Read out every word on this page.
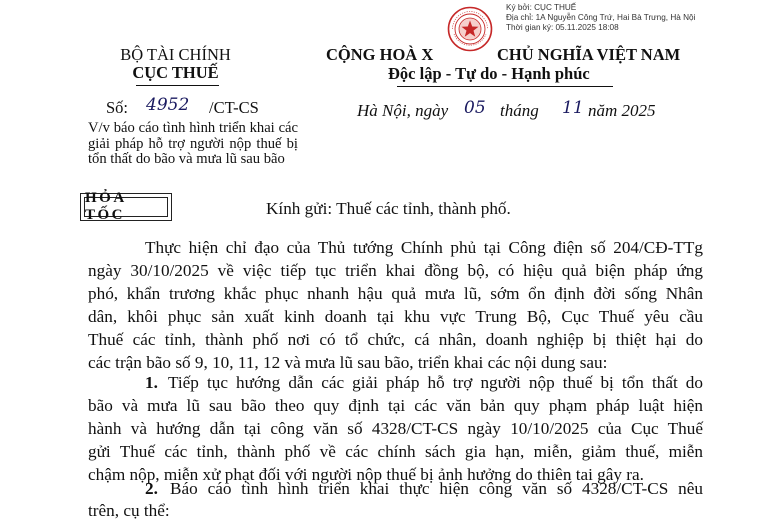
Ký bởi: CỤC THUẾ
Địa chỉ: 1A Nguyễn Công Trứ, Hai Bà Trưng, Hà Nội
Thời gian ký: 05.11.2025 18:08
BỘ TÀI CHÍNH
CỤC THUẾ
CỘNG HOÀ X	CHỦ NGHĨA VIỆT NAM
Độc lập - Tự do - Hạnh phúc
Số: 4952 /CT-CS
V/v báo cáo tình hình triển khai các giải pháp hỗ trợ người nộp thuế bị tổn thất do bão và mưa lũ sau bão
Hà Nội, ngày 05 tháng 11 năm 2025
HỎA TỐC	Kính gửi: Thuế các tỉnh, thành phố.
Thực hiện chỉ đạo của Thủ tướng Chính phủ tại Công điện số 204/CĐ-TTg
ngày 30/10/2025 về việc tiếp tục triển khai đồng bộ, có hiệu quả biện pháp ứng
phó, khẩn trương khắc phục nhanh hậu quả mưa lũ, sớm ổn định đời sống Nhân
dân, khôi phục sản xuất kinh doanh tại khu vực Trung Bộ, Cục Thuế yêu cầu
Thuế các tỉnh, thành phố nơi có tổ chức, cá nhân, doanh nghiệp bị thiệt hại do
các trận bão số 9, 10, 11, 12 và mưa lũ sau bão, triển khai các nội dung sau:
1. Tiếp tục hướng dẫn các giải pháp hỗ trợ người nộp thuế bị tổn thất do
bão và mưa lũ sau bão theo quy định tại các văn bản quy phạm pháp luật hiện
hành và hướng dẫn tại công văn số 4328/CT-CS ngày 10/10/2025 của Cục Thuế
gửi Thuế các tỉnh, thành phố về các chính sách gia hạn, miễn, giảm thuế, miễn
chậm nộp, miễn xử phạt đối với người nộp thuế bị ảnh hưởng do thiên tai gây ra.
2. Báo cáo tình hình triển khai thực hiện công văn số 4328/CT-CS nêu
trên, cụ thể:
